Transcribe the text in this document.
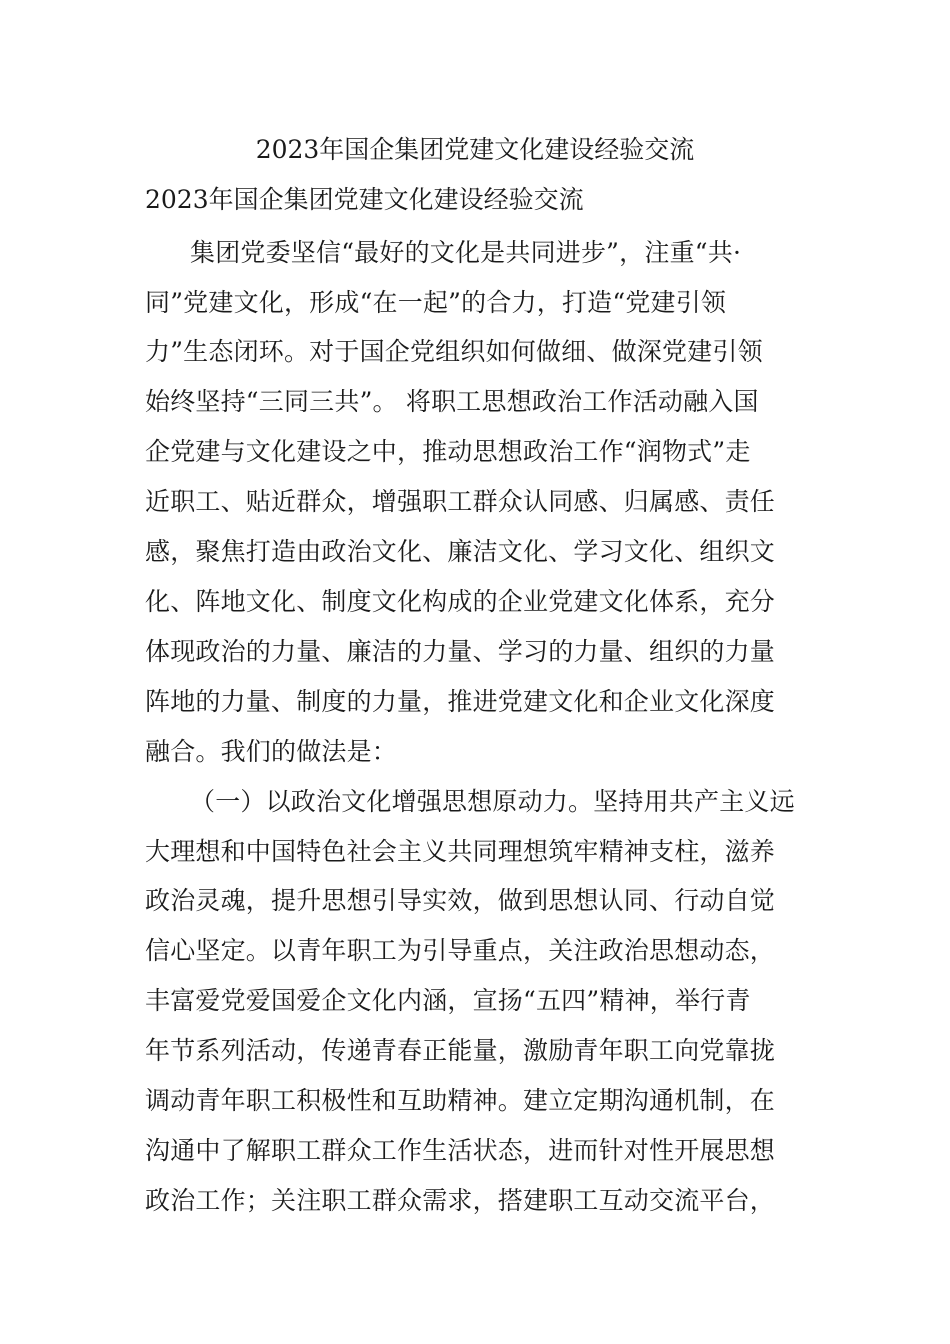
2023年国企集团党建文化建设经验交流
2023年国企集团党建文化建设经验交流
集团党委坚信“最好的文化是共同进步”，注重“共·
同”党建文化，形成“在一起”的合力，打造“党建引领
力”生态闭环。对于国企党组织如何做细、做深党建引领
始终坚持“三同三共”。 将职工思想政治工作活动融入国
企党建与文化建设之中，推动思想政治工作“润物式”走
近职工、贴近群众，增强职工群众认同感、归属感、责任
感，聚焦打造由政治文化、廉洁文化、学习文化、组织文
化、阵地文化、制度文化构成的企业党建文化体系，充分
体现政治的力量、廉洁的力量、学习的力量、组织的力量
阵地的力量、制度的力量，推进党建文化和企业文化深度
融合。我们的做法是：
（一）以政治文化增强思想原动力。坚持用共产主义远
大理想和中国特色社会主义共同理想筑牢精神支柱，滋养
政治灵魂，提升思想引导实效，做到思想认同、行动自觉
信心坚定。以青年职工为引导重点，关注政治思想动态，
丰富爱党爱国爱企文化内涵，宣扬“五四”精神，举行青
年节系列活动，传递青春正能量，激励青年职工向党靠拢
调动青年职工积极性和互助精神。建立定期沟通机制，在
沟通中了解职工群众工作生活状态，进而针对性开展思想
政治工作；关注职工群众需求，搭建职工互动交流平台，
